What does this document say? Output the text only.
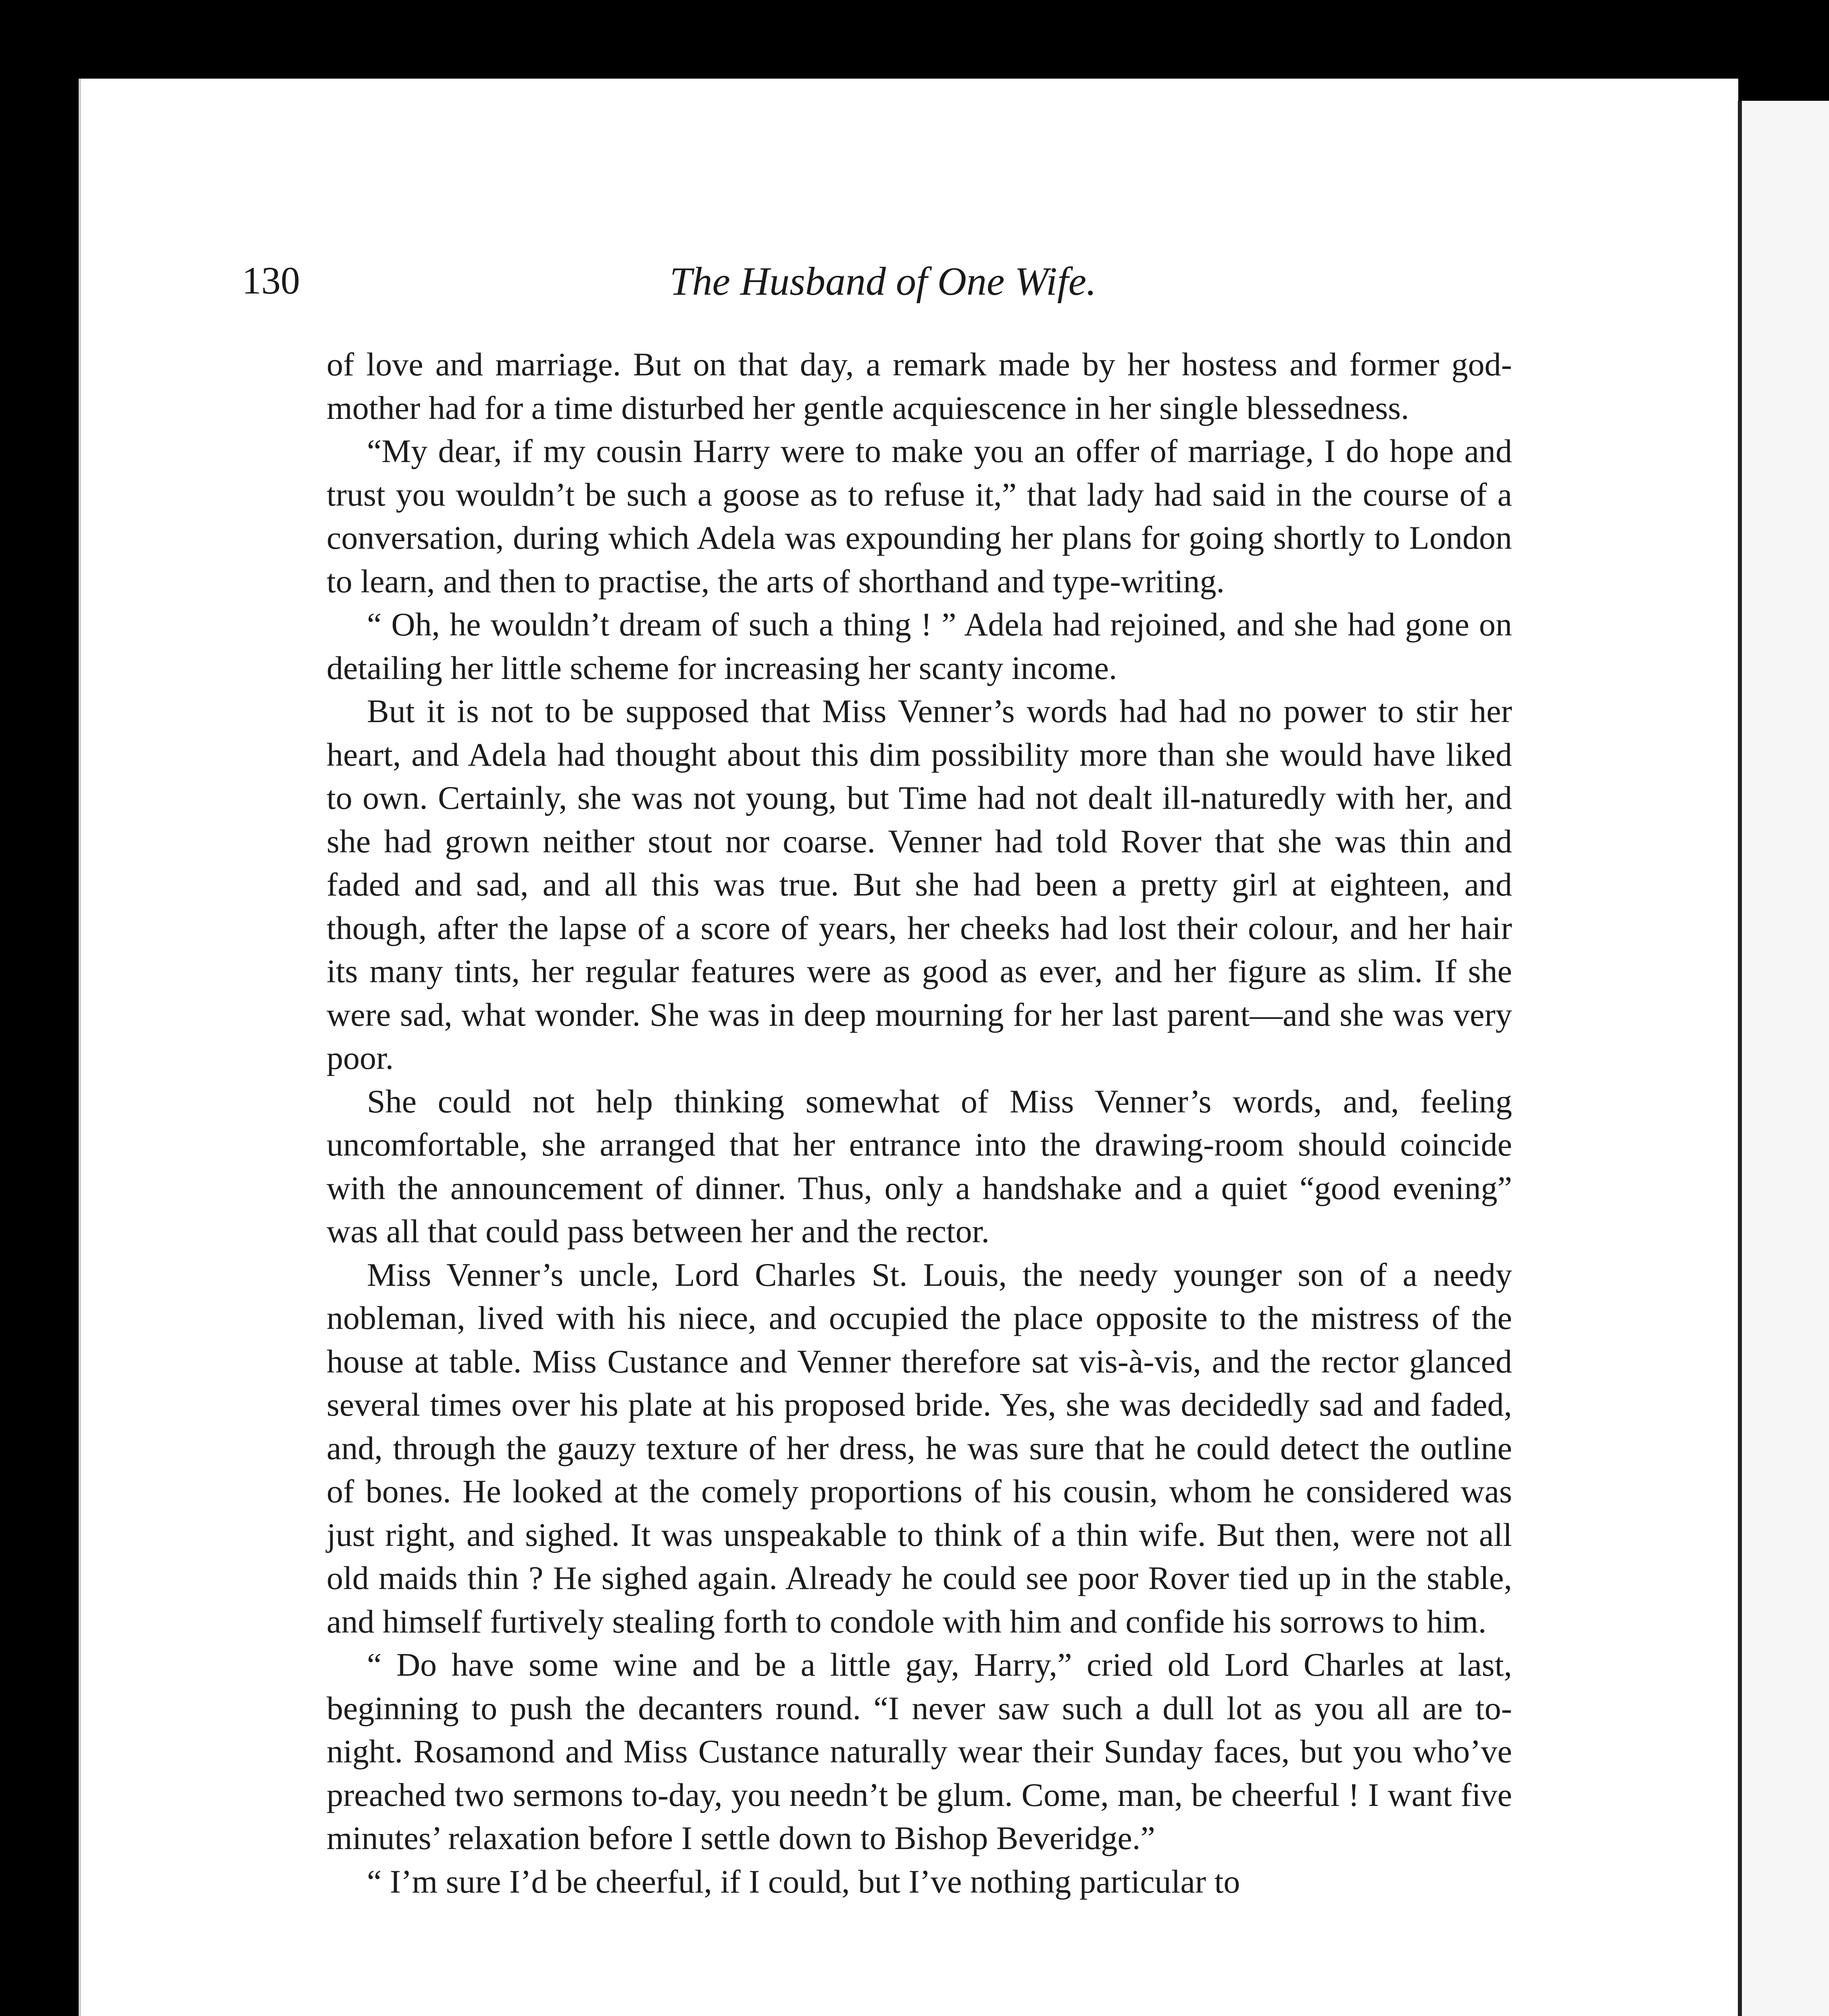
130	The Husband of One Wife.

of love and marriage. But on that day, a remark made by her hostess and former god-mother had for a time disturbed her gentle acquiescence in her single blessedness.

“My dear, if my cousin Harry were to make you an offer of marriage, I do hope and trust you wouldn’t be such a goose as to refuse it,” that lady had said in the course of a conversation, during which Adela was expounding her plans for going shortly to London to learn, and then to practise, the arts of shorthand and type-writing.

“ Oh, he wouldn’t dream of such a thing ! ” Adela had rejoined, and she had gone on detailing her little scheme for increasing her scanty income.

But it is not to be supposed that Miss Venner’s words had had no power to stir her heart, and Adela had thought about this dim possibility more than she would have liked to own. Certainly, she was not young, but Time had not dealt ill-naturedly with her, and she had grown neither stout nor coarse. Venner had told Rover that she was thin and faded and sad, and all this was true. But she had been a pretty girl at eighteen, and though, after the lapse of a score of years, her cheeks had lost their colour, and her hair its many tints, her regular features were as good as ever, and her figure as slim. If she were sad, what wonder. She was in deep mourning for her last parent—and she was very poor.

She could not help thinking somewhat of Miss Venner’s words, and, feeling uncomfortable, she arranged that her entrance into the drawing-room should coincide with the announcement of dinner. Thus, only a handshake and a quiet “good evening” was all that could pass between her and the rector.

Miss Venner’s uncle, Lord Charles St. Louis, the needy younger son of a needy nobleman, lived with his niece, and occupied the place opposite to the mistress of the house at table. Miss Custance and Venner therefore sat vis-à-vis, and the rector glanced several times over his plate at his proposed bride. Yes, she was decidedly sad and faded, and, through the gauzy texture of her dress, he was sure that he could detect the outline of bones. He looked at the comely proportions of his cousin, whom he considered was just right, and sighed. It was unspeakable to think of a thin wife. But then, were not all old maids thin ? He sighed again. Already he could see poor Rover tied up in the stable, and himself furtively stealing forth to condole with him and confide his sorrows to him.

“ Do have some wine and be a little gay, Harry,” cried old Lord Charles at last, beginning to push the decanters round. “I never saw such a dull lot as you all are to-night. Rosamond and Miss Custance naturally wear their Sunday faces, but you who’ve preached two sermons to-day, you needn’t be glum. Come, man, be cheerful ! I want five minutes’ relaxation before I settle down to Bishop Beveridge.”

“ I’m sure I’d be cheerful, if I could, but I’ve nothing particular to
